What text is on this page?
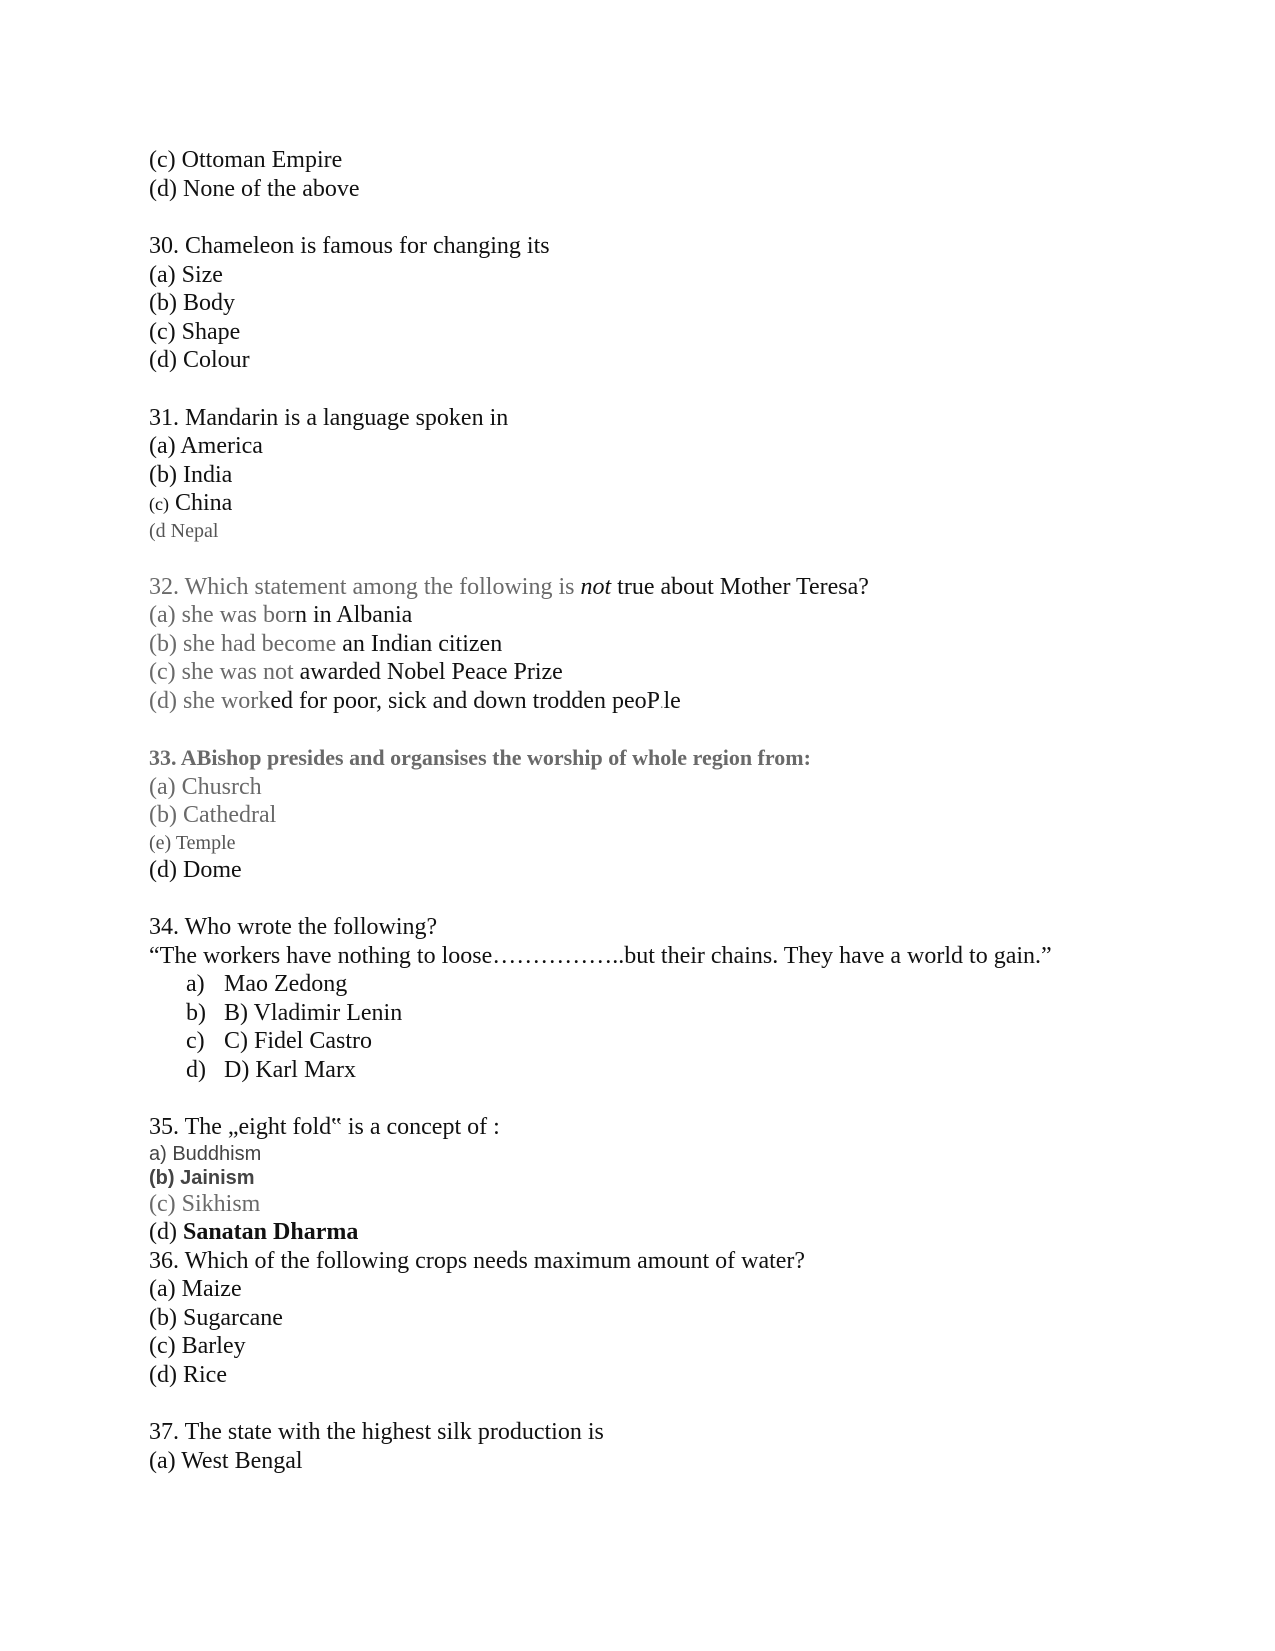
(c) Ottoman Empire
(d) None of the above
30. Chameleon is famous for changing its
(a) Size
(b) Body
(c) Shape
(d) Colour
31. Mandarin is a language spoken in
(a) America
(b) India
(c) China
(d Nepal
32. Which statement among the following is not true about Mother Teresa?
(a) she was born in Albania
(b) she had become an Indian citizen
(c) she was not awarded Nobel Peace Prize
(d) she worked for poor, sick and down trodden peoP.le
33. ABishop presides and organsises the worship of whole region from:
(a) Chusrch
(b) Cathedral
(e) Temple
(d) Dome
34. Who wrote the following?
“The workers have nothing to loose……………..but their chains. They have a world to gain.”
a) Mao Zedong
b) B) Vladimir Lenin
c) C) Fidel Castro
d) D) Karl Marx
35. The „eight fold‟ is a concept of :
a) Buddhism
(b) Jainism
(c) Sikhism
(d) Sanatan Dharma
36. Which of the following crops needs maximum amount of water?
(a) Maize
(b) Sugarcane
(c) Barley
(d) Rice
37. The state with the highest silk production is
(a) West Bengal
